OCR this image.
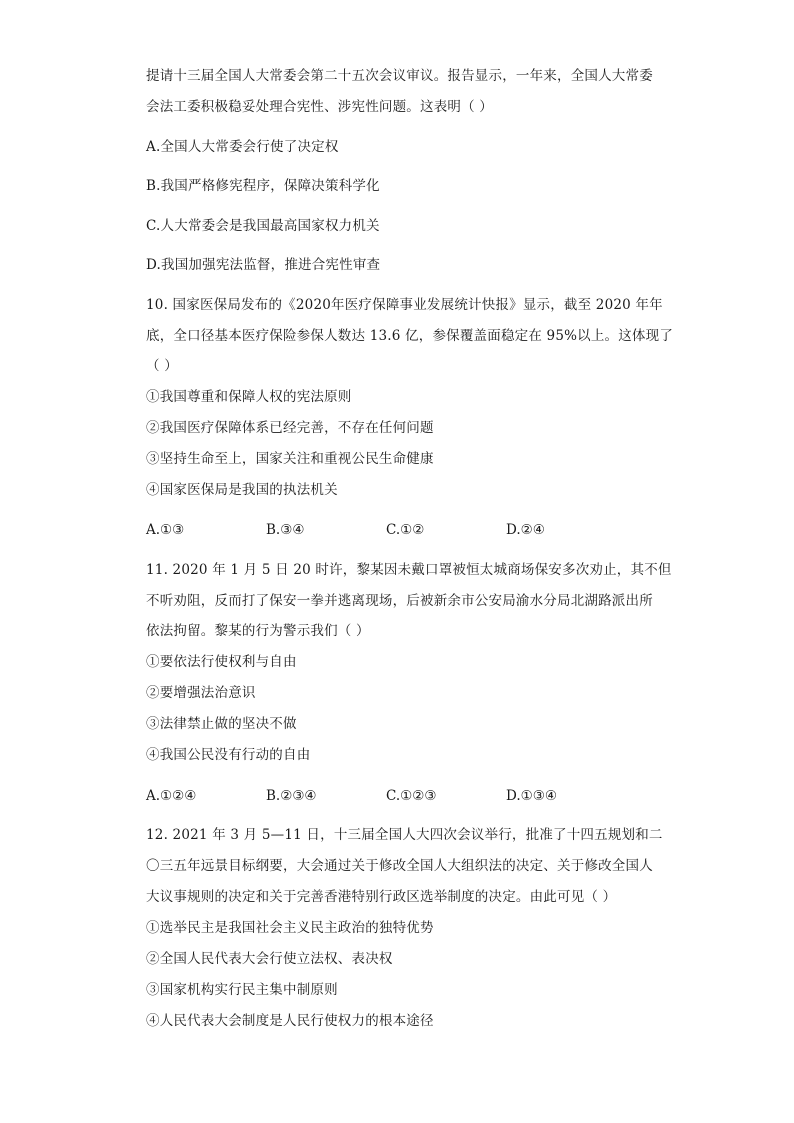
提请十三届全国人大常委会第二十五次会议审议。报告显示，一年来，全国人大常委
会法工委积极稳妥处理合宪性、涉宪性问题。这表明（ ）
A.全国人大常委会行使了决定权
B.我国严格修宪程序，保障决策科学化
C.人大常委会是我国最高国家权力机关
D.我国加强宪法监督，推进合宪性审查
10. 国家医保局发布的《2020年医疗保障事业发展统计快报》显示，截至 2020 年年
底，全口径基本医疗保险参保人数达 13.6 亿，参保覆盖面稳定在 95%以上。这体现了
（ ）
①我国尊重和保障人权的宪法原则
②我国医疗保障体系已经完善，不存在任何问题
③坚持生命至上，国家关注和重视公民生命健康
④国家医保局是我国的执法机关
A.①③	B.③④	C.①②	D.②④
11. 2020 年 1 月 5 日 20 时许，黎某因未戴口罩被恒太城商场保安多次劝止，其不但
不听劝阻，反而打了保安一拳并逃离现场，后被新余市公安局渝水分局北湖路派出所
依法拘留。黎某的行为警示我们（ ）
①要依法行使权利与自由
②要增强法治意识
③法律禁止做的坚决不做
④我国公民没有行动的自由
A.①②④	B.②③④	C.①②③	D.①③④
12. 2021 年 3 月 5—11 日，十三届全国人大四次会议举行，批准了十四五规划和二
〇三五年远景目标纲要，大会通过关于修改全国人大组织法的决定、关于修改全国人
大议事规则的决定和关于完善香港特别行政区选举制度的决定。由此可见（ ）
①选举民主是我国社会主义民主政治的独特优势
②全国人民代表大会行使立法权、表决权
③国家机构实行民主集中制原则
④人民代表大会制度是人民行使权力的根本途径
